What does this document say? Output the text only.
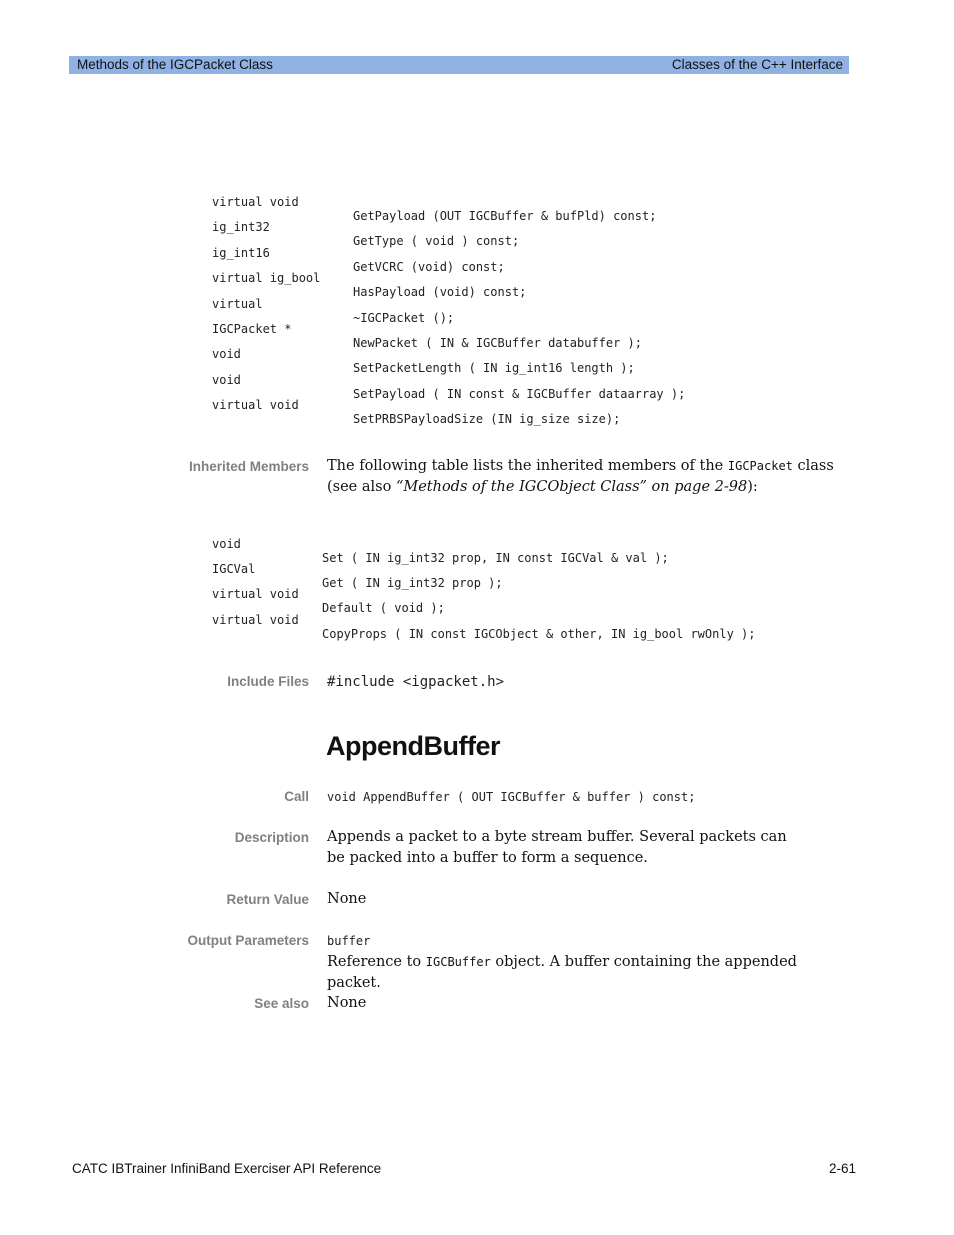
Methods of the IGCPacket Class	Classes of the C++ Interface

virtual void

GetPayload (OUT IGCBuffer & bufPld) const;

ig_int32

GetType ( void ) const;

ig_int16

GetVCRC (void) const;

virtual ig_bool

HasPayload (void) const;

virtual

~IGCPacket ();

IGCPacket *

NewPacket ( IN & IGCBuffer databuffer );

void

SetPacketLength ( IN ig_int16 length );

void

SetPayload ( IN const & IGCBuffer dataarray );

virtual void

SetPRBSPayloadSize (IN ig_size size);

Inherited Members The following table lists the inherited members of the IGCPacket class (see also “Methods of the IGCObject Class” on page 2-98):

void

Set ( IN ig_int32 prop, IN const IGCVal & val );

IGCVal

Get ( IN ig_int32 prop );

virtual void

Default ( void );

virtual void

CopyProps ( IN const IGCObject & other, IN ig_bool rwOnly );

Include Files #include <igpacket.h>
AppendBuffer
Call void AppendBuffer ( OUT IGCBuffer & buffer ) const;
Description Appends a packet to a byte stream buffer. Several packets can be packed into a buffer to form a sequence.
Return Value None
Output Parameters buffer
Reference to IGCBuffer object. A buffer containing the appended packet.
See also None
CATC IBTrainer InfiniBand Exerciser API Reference	2-61
